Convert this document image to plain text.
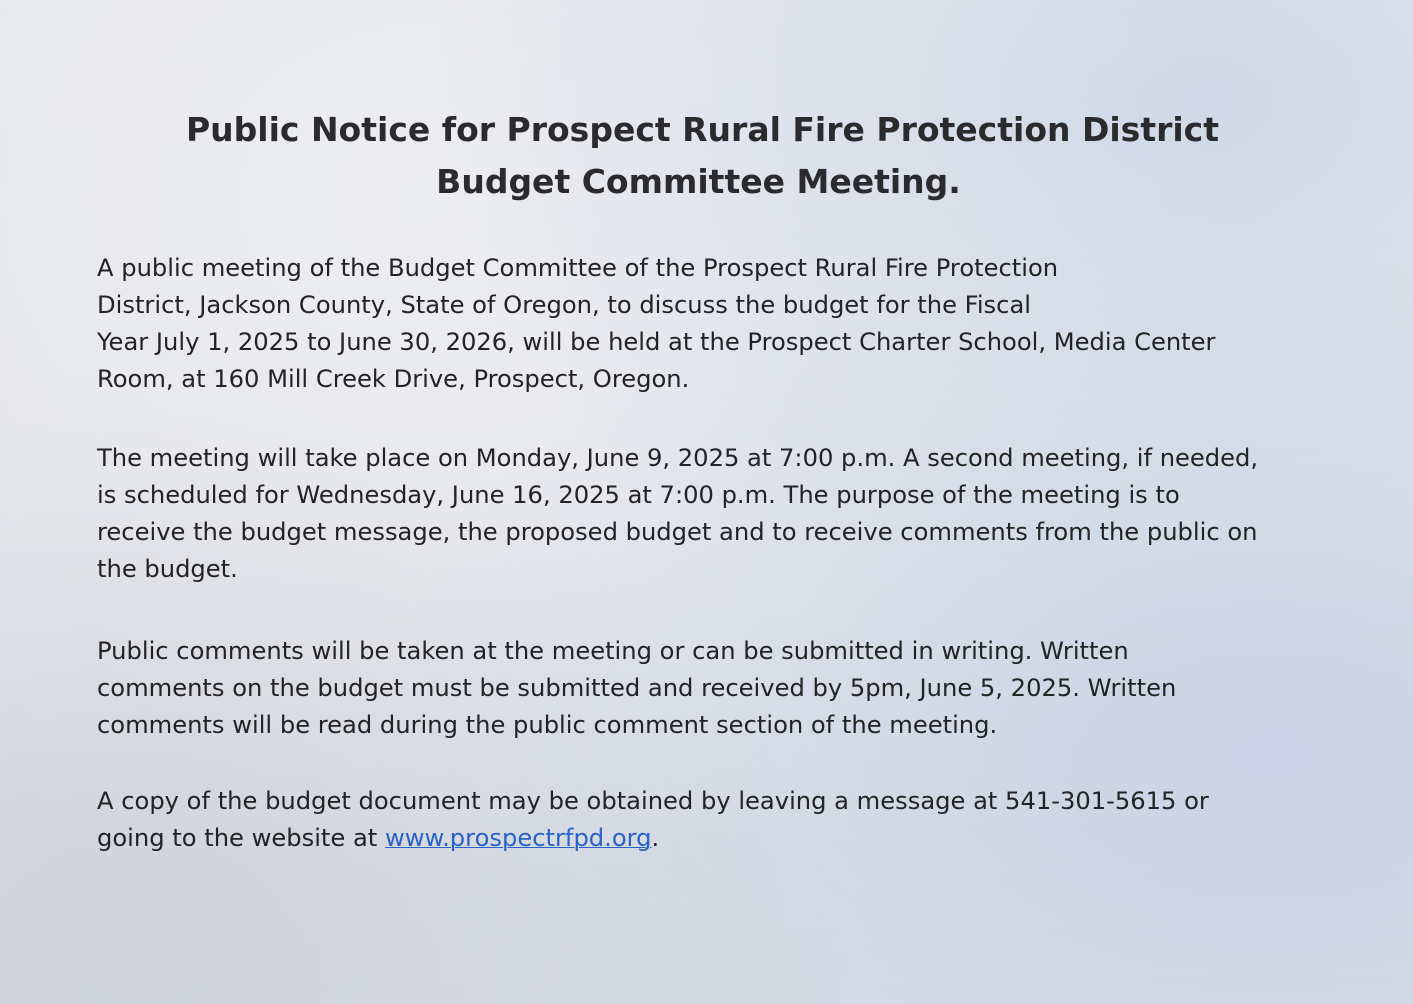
Public Notice for Prospect Rural Fire Protection District
Budget Committee Meeting.

A public meeting of the Budget Committee of the Prospect Rural Fire Protection
District, Jackson County, State of Oregon, to discuss the budget for the Fiscal
Year July 1, 2025 to June 30, 2026, will be held at the Prospect Charter School, Media Center
Room, at 160 Mill Creek Drive, Prospect, Oregon.

The meeting will take place on Monday, June 9, 2025 at 7:00 p.m. A second meeting, if needed,
is scheduled for Wednesday, June 16, 2025 at 7:00 p.m. The purpose of the meeting is to
receive the budget message, the proposed budget and to receive comments from the public on
the budget.

Public comments will be taken at the meeting or can be submitted in writing. Written
comments on the budget must be submitted and received by 5pm, June 5, 2025. Written
comments will be read during the public comment section of the meeting.

A copy of the budget document may be obtained by leaving a message at 541-301-5615 or
going to the website at www.prospectrfpd.org.
